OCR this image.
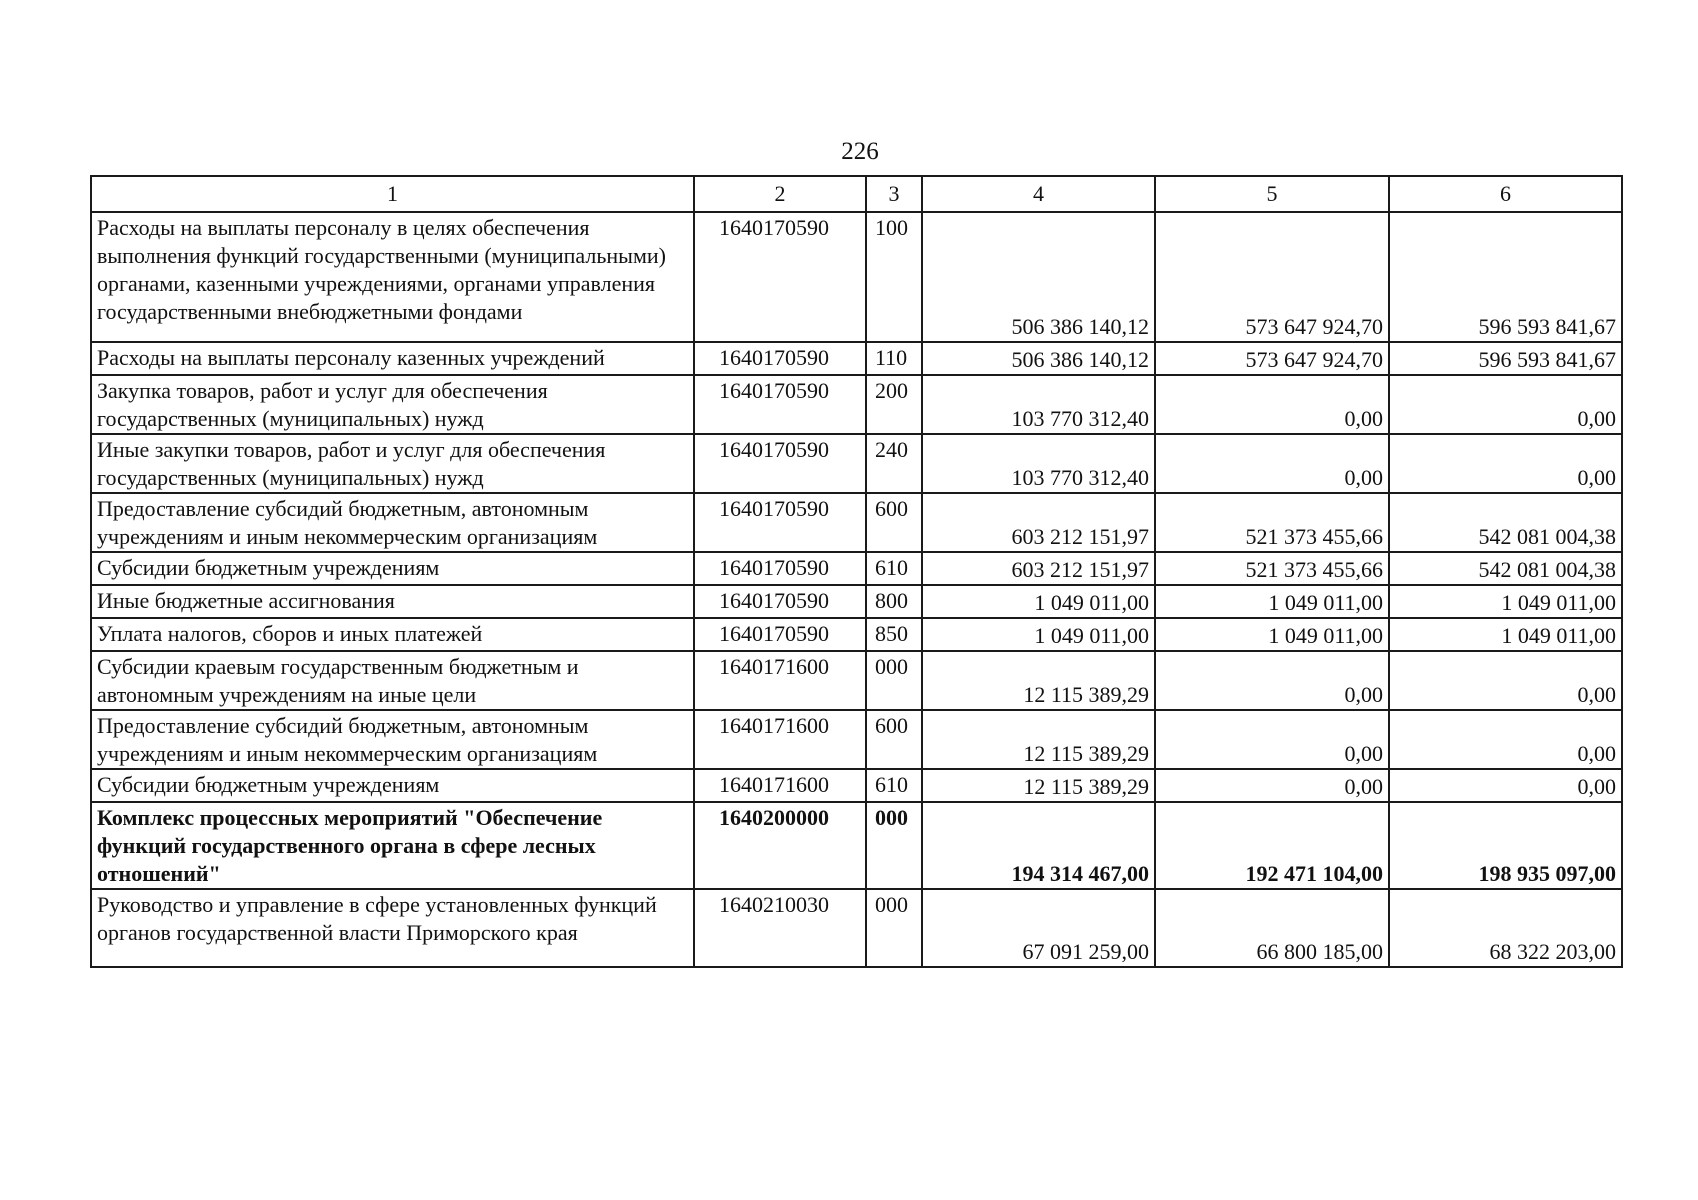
226
1	2	3	4	5	6
Расходы на выплаты персоналу в целях обеспечения выполнения функций государственными (муниципальными) органами, казенными учреждениями, органами управления государственными внебюджетными фондами	1640170590	100	506 386 140,12	573 647 924,70	596 593 841,67
Расходы на выплаты персоналу казенных учреждений	1640170590	110	506 386 140,12	573 647 924,70	596 593 841,67
Закупка товаров, работ и услуг для обеспечения государственных (муниципальных) нужд	1640170590	200	103 770 312,40	0,00	0,00
Иные закупки товаров, работ и услуг для обеспечения государственных (муниципальных) нужд	1640170590	240	103 770 312,40	0,00	0,00
Предоставление субсидий бюджетным, автономным учреждениям и иным некоммерческим организациям	1640170590	600	603 212 151,97	521 373 455,66	542 081 004,38
Субсидии бюджетным учреждениям	1640170590	610	603 212 151,97	521 373 455,66	542 081 004,38
Иные бюджетные ассигнования	1640170590	800	1 049 011,00	1 049 011,00	1 049 011,00
Уплата налогов, сборов и иных платежей	1640170590	850	1 049 011,00	1 049 011,00	1 049 011,00
Субсидии краевым государственным бюджетным и автономным учреждениям на иные цели	1640171600	000	12 115 389,29	0,00	0,00
Предоставление субсидий бюджетным, автономным учреждениям и иным некоммерческим организациям	1640171600	600	12 115 389,29	0,00	0,00
Субсидии бюджетным учреждениям	1640171600	610	12 115 389,29	0,00	0,00
Комплекс процессных мероприятий "Обеспечение функций государственного органа в сфере лесных отношений"	1640200000	000	194 314 467,00	192 471 104,00	198 935 097,00
Руководство и управление в сфере установленных функций органов государственной власти Приморского края	1640210030	000	67 091 259,00	66 800 185,00	68 322 203,00
